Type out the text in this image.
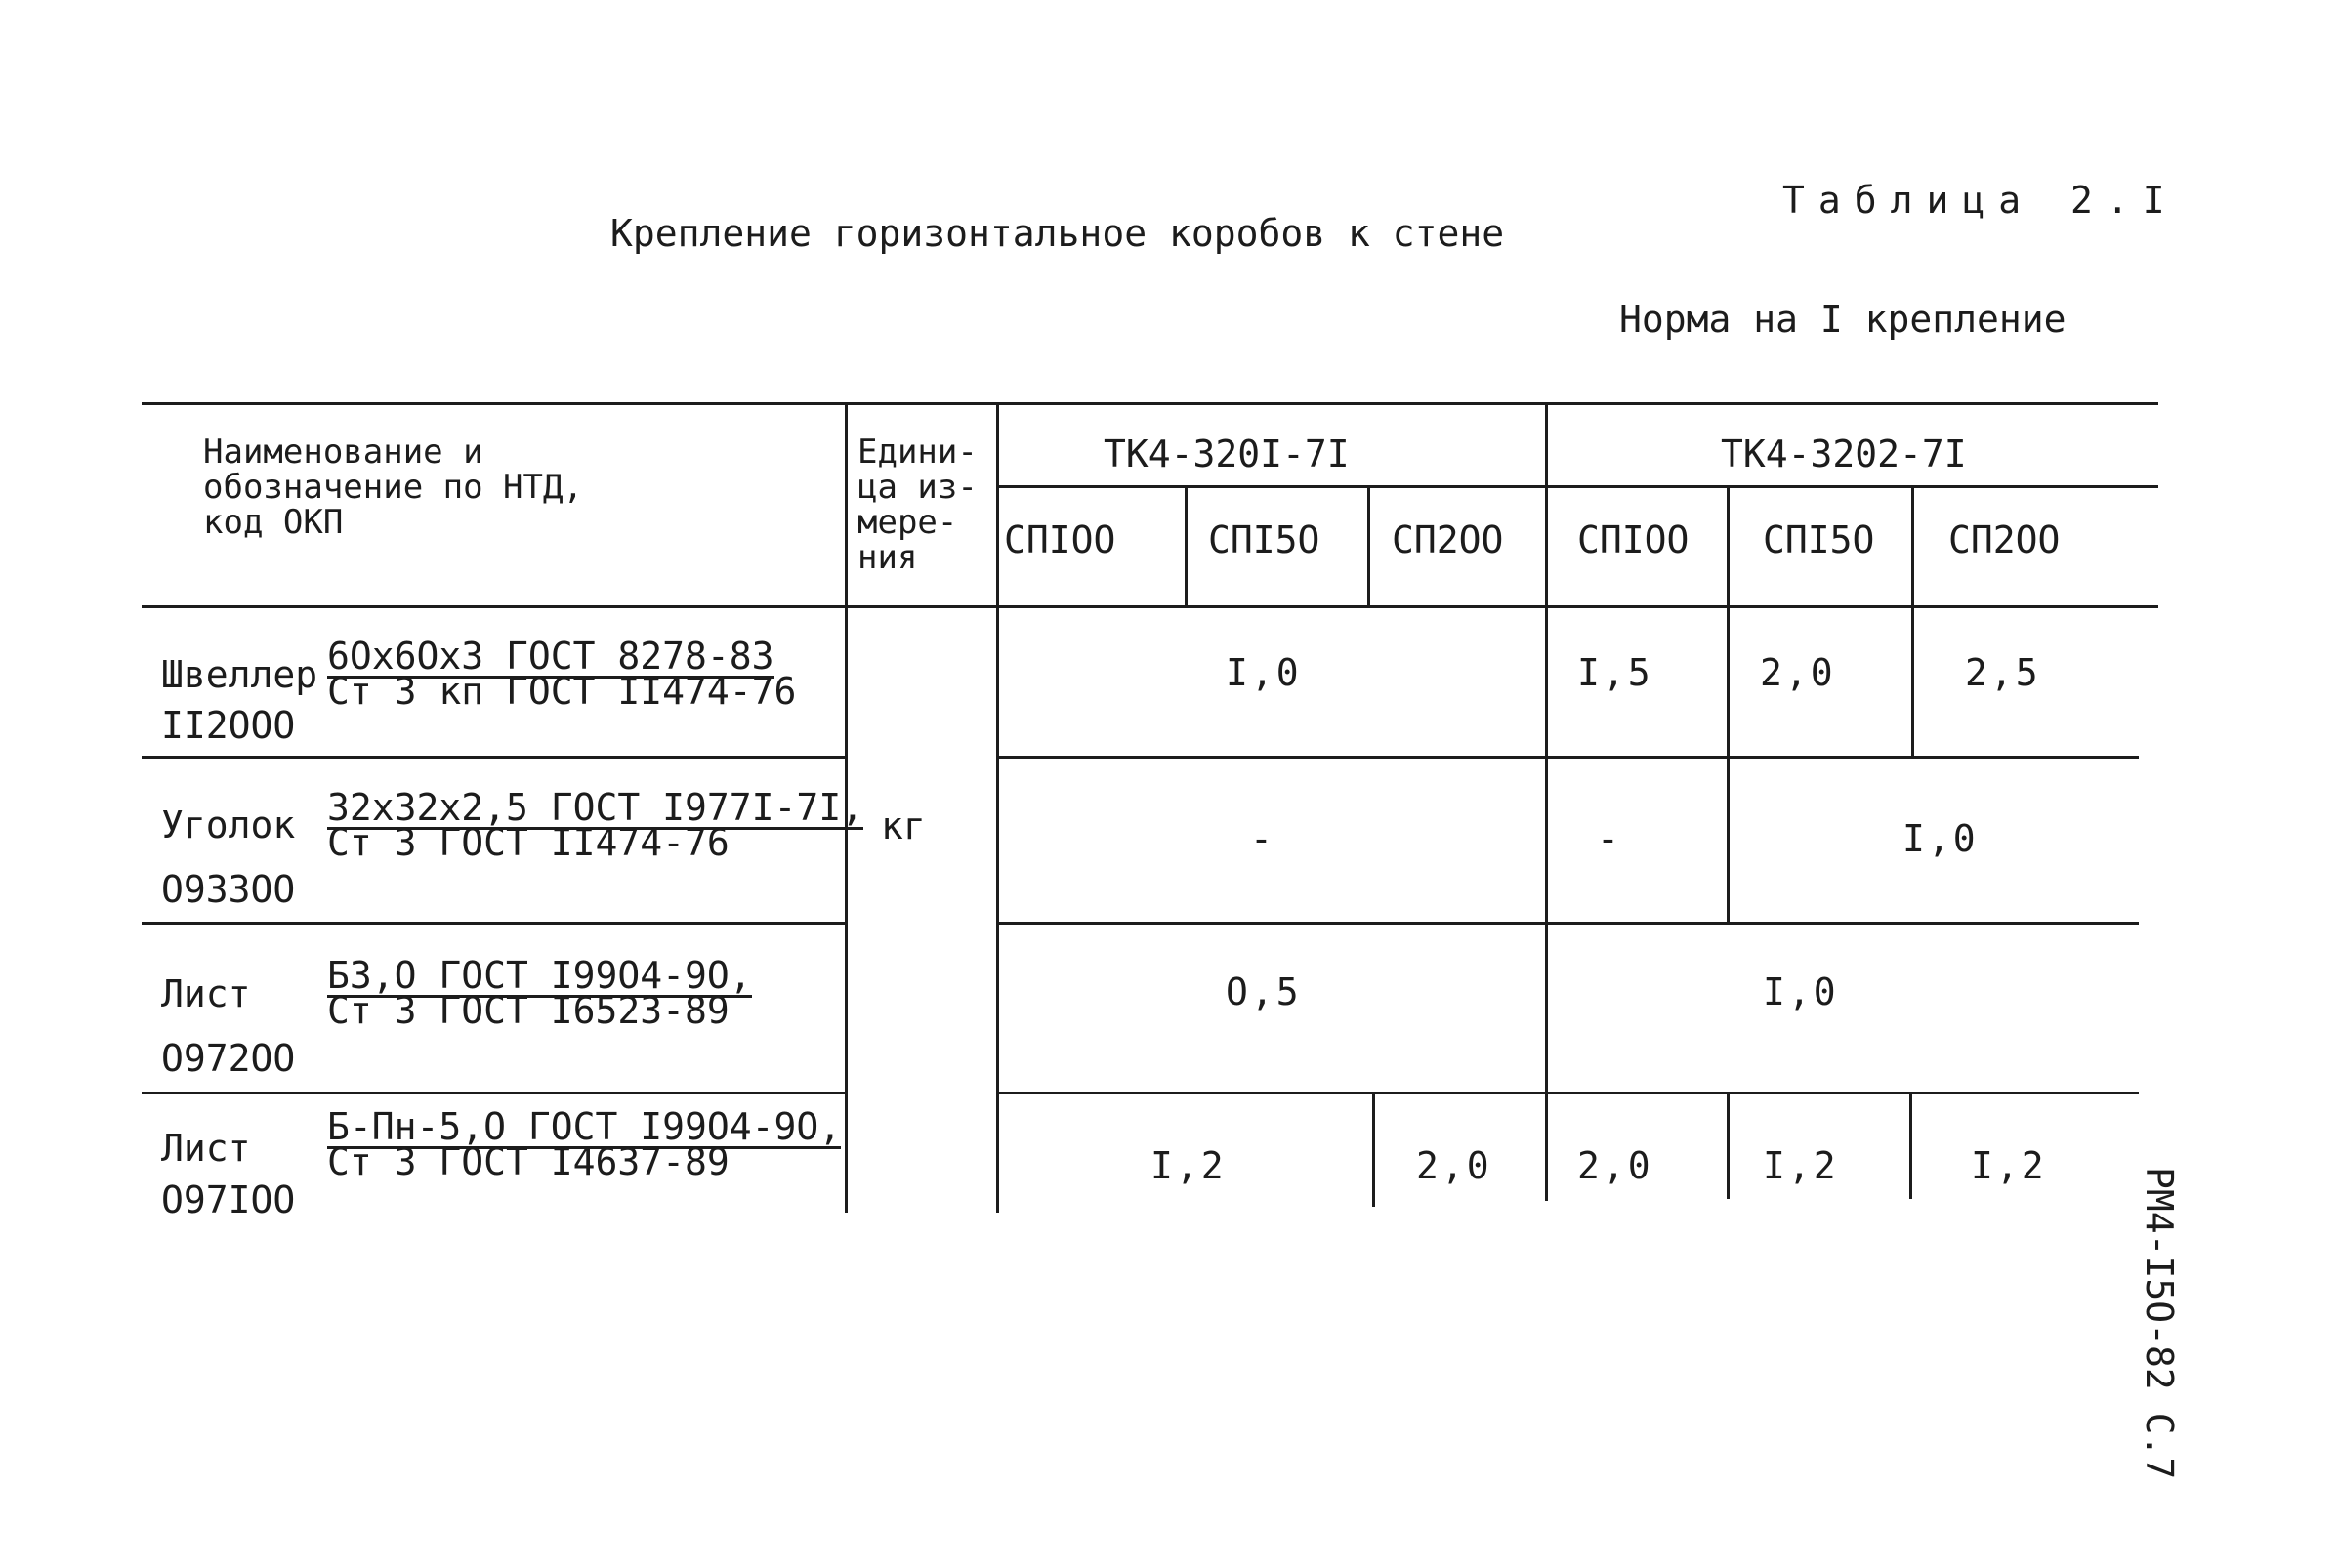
Таблица 2.I
Крепление горизонтальное коробов к стене
Норма на I крепление
Наименование и
обозначение по НТД,
код ОКП
Едини-
ца из-
мере-
ния
ТК4-320I-7I	ТК4-3202-7I
СПIОО СПI5О СП2ОО СПIОО СПI5О СП2ОО
кг
Швеллер
II2ООО
6Ох6Ох3 ГОСТ 8278-83
Ст 3 кп ГОСТ II474-76	I,0	I,5	2,0	2,5
Уголок
О933ОО
32х32х2,5 ГОСТ I977I-7I,
Ст 3 ГОСТ II474-76	-	-	I,0
Лист
О972ОО
Б3,О ГОСТ I99О4-9О,
Ст 3 ГОСТ I6523-89	О,5	I,0
Лист
О97IОО
Б-Пн-5,О ГОСТ I99О4-9О,
Ст 3 ГОСТ I4637-89	I,2	2,0 2,0	I,2	I,2
РМ4-I5О-82 С.7
